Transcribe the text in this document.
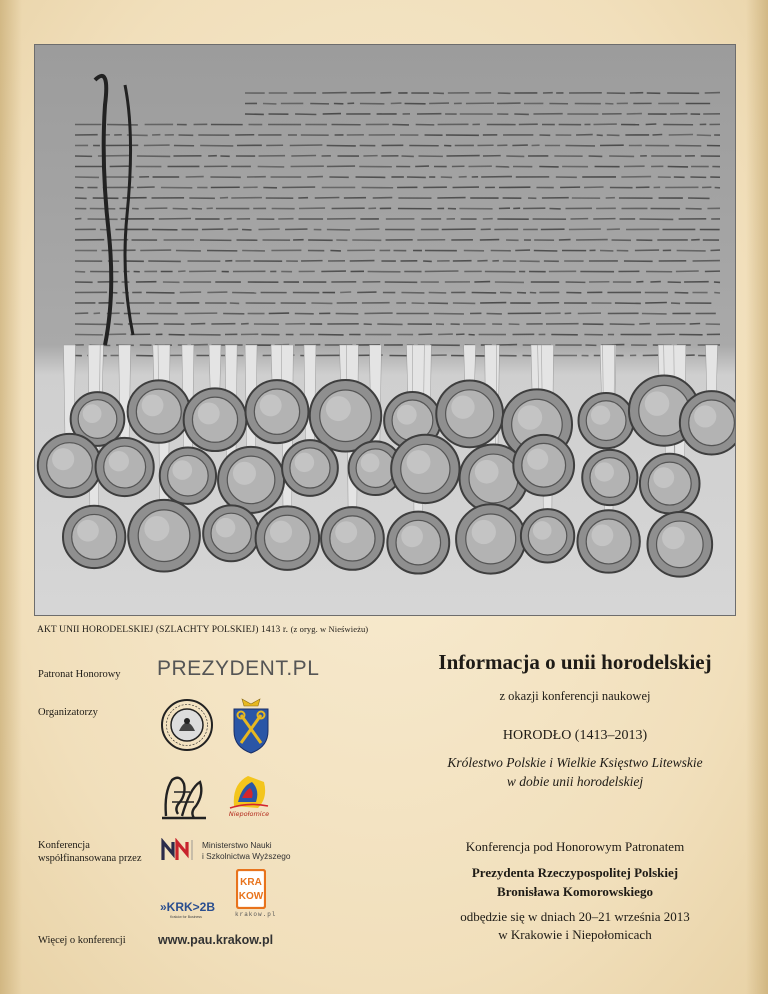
AKT UNII HORODELSKIEJ (SZLACHTY POLSKIEJ) 1413 r. (z oryg. w Nieświeżu)
Patronat Honorowy PREZYDENT.PL
Organizatorzy
Niepołomice
Konferencja
współfinansowana przez
Ministerstwo Nauki
i Szkolnictwa Wyższego
»KRK>2B
Kraków for Business
KRA
KOW
krakow.pl
Więcej o konferencji	www.pau.krakow.pl
Informacja o unii horodelskiej
z okazji konferencji naukowej
HORODŁO (1413–2013)
Królestwo Polskie i Wielkie Księstwo Litewskie
w dobie unii horodelskiej
Konferencja pod Honorowym Patronatem
Prezydenta Rzeczypospolitej Polskiej
Bronisława Komorowskiego
odbędzie się w dniach 20–21 września 2013
w Krakowie i Niepołomicach
